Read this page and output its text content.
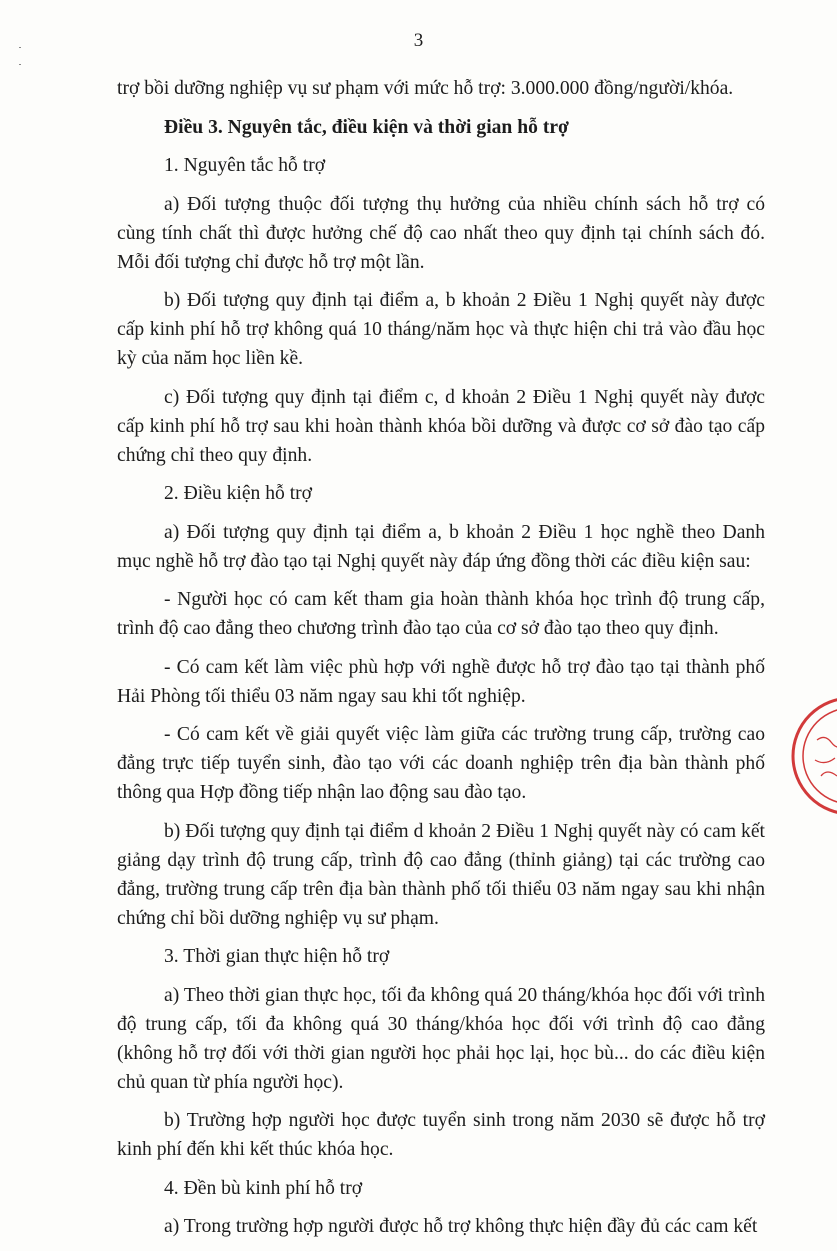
3

trợ bồi dưỡng nghiệp vụ sư phạm với mức hỗ trợ: 3.000.000 đồng/người/khóa.

Điều 3. Nguyên tắc, điều kiện và thời gian hỗ trợ

1. Nguyên tắc hỗ trợ

a) Đối tượng thuộc đối tượng thụ hưởng của nhiều chính sách hỗ trợ có cùng tính chất thì được hưởng chế độ cao nhất theo quy định tại chính sách đó. Mỗi đối tượng chỉ được hỗ trợ một lần.

b) Đối tượng quy định tại điểm a, b khoản 2 Điều 1 Nghị quyết này được cấp kinh phí hỗ trợ không quá 10 tháng/năm học và thực hiện chi trả vào đầu học kỳ của năm học liền kề.

c) Đối tượng quy định tại điểm c, d khoản 2 Điều 1 Nghị quyết này được cấp kinh phí hỗ trợ sau khi hoàn thành khóa bồi dưỡng và được cơ sở đào tạo cấp chứng chỉ theo quy định.

2. Điều kiện hỗ trợ

a) Đối tượng quy định tại điểm a, b khoản 2 Điều 1 học nghề theo Danh mục nghề hỗ trợ đào tạo tại Nghị quyết này đáp ứng đồng thời các điều kiện sau:

- Người học có cam kết tham gia hoàn thành khóa học trình độ trung cấp, trình độ cao đẳng theo chương trình đào tạo của cơ sở đào tạo theo quy định.

- Có cam kết làm việc phù hợp với nghề được hỗ trợ đào tạo tại thành phố Hải Phòng tối thiểu 03 năm ngay sau khi tốt nghiệp.

- Có cam kết về giải quyết việc làm giữa các trường trung cấp, trường cao đẳng trực tiếp tuyển sinh, đào tạo với các doanh nghiệp trên địa bàn thành phố thông qua Hợp đồng tiếp nhận lao động sau đào tạo.

b) Đối tượng quy định tại điểm d khoản 2 Điều 1 Nghị quyết này có cam kết giảng dạy trình độ trung cấp, trình độ cao đẳng (thỉnh giảng) tại các trường cao đẳng, trường trung cấp trên địa bàn thành phố tối thiểu 03 năm ngay sau khi nhận chứng chỉ bồi dưỡng nghiệp vụ sư phạm.

3. Thời gian thực hiện hỗ trợ

a) Theo thời gian thực học, tối đa không quá 20 tháng/khóa học đối với trình độ trung cấp, tối đa không quá 30 tháng/khóa học đối với trình độ cao đẳng (không hỗ trợ đối với thời gian người học phải học lại, học bù... do các điều kiện chủ quan từ phía người học).

b) Trường hợp người học được tuyển sinh trong năm 2030 sẽ được hỗ trợ kinh phí đến khi kết thúc khóa học.

4. Đền bù kinh phí hỗ trợ

a) Trong trường hợp người được hỗ trợ không thực hiện đầy đủ các cam kết
